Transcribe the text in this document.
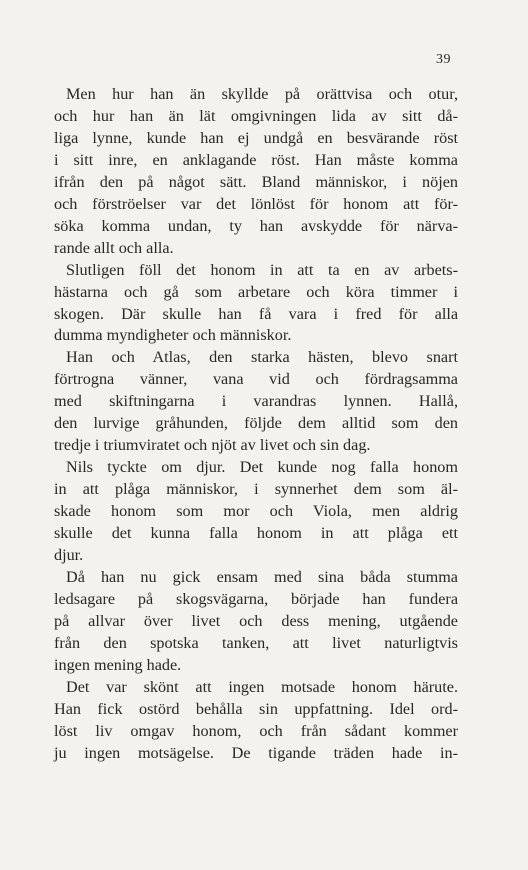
39
Men hur han än skyllde på orättvisa och otur,
och hur han än lät omgivningen lida av sitt då-
liga lynne, kunde han ej undgå en besvärande röst
i sitt inre, en anklagande röst. Han måste komma
ifrån den på något sätt. Bland människor, i nöjen
och förströelser var det lönlöst för honom att för-
söka komma undan, ty han avskydde för närva-
rande allt och alla.
Slutligen föll det honom in att ta en av arbets-
hästarna och gå som arbetare och köra timmer i
skogen. Där skulle han få vara i fred för alla
dumma myndigheter och människor.
Han och Atlas, den starka hästen, blevo snart
förtrogna vänner, vana vid och fördragsamma
med skiftningarna i varandras lynnen. Hallå,
den lurvige gråhunden, följde dem alltid som den
tredje i triumviratet och njöt av livet och sin dag.
Nils tyckte om djur. Det kunde nog falla honom
in att plåga människor, i synnerhet dem som äl-
skade honom som mor och Viola, men aldrig
skulle det kunna falla honom in att plåga ett
djur.
Då han nu gick ensam med sina båda stumma
ledsagare på skogsvägarna, började han fundera
på allvar över livet och dess mening, utgående
från den spotska tanken, att livet naturligtvis
ingen mening hade.
Det var skönt att ingen motsade honom härute.
Han fick ostörd behålla sin uppfattning. Idel ord-
löst liv omgav honom, och från sådant kommer
ju ingen motsägelse. De tigande träden hade in-
